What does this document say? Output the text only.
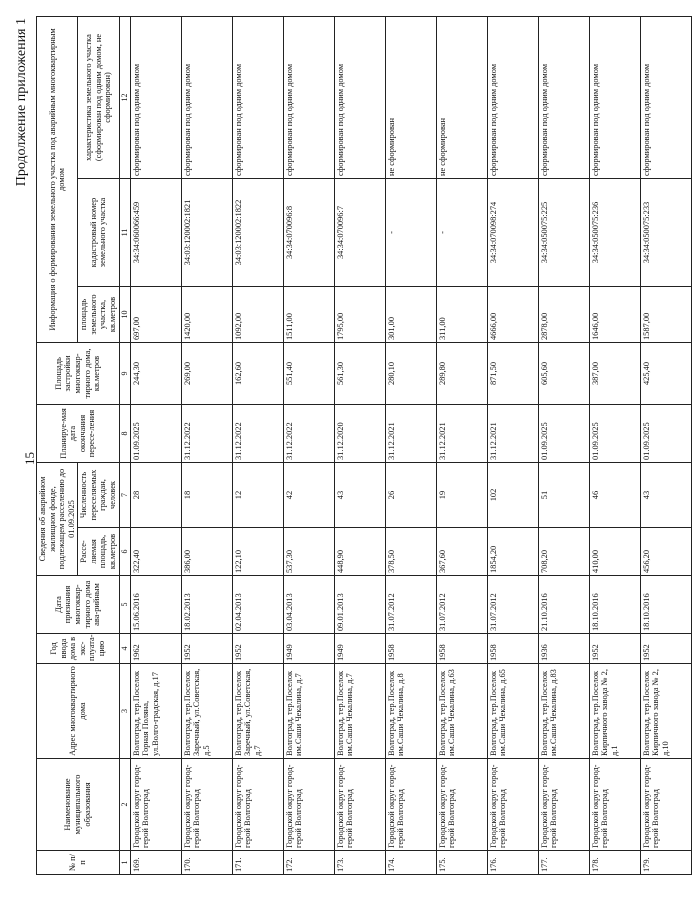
15
Продолжение приложения 1
№ п/п	Наименование муниципального образования	Адрес многоквартирного дома	Год ввода дома в экс-плуата-цию	Дата признания многоквар-тирного дома ава-рийным	Сведения об аварийном жилищном фонде, подлежащем расселению до 01.09.2025		Планируе-мая дата окончания пересе-ления	Площадь застройки многоквар-тирного дома, кв.метров	Информация о формировании земельного участка под аварийным многоквартирным домом		
					Рассе-ляемая площадь, кв.метров	Численность переселяемых граждан, человек			площадь земельного участка, кв.метров	кадастровый номер земельного участка	характеристика земельного участка (сформирован под одним домом, не сформирован)
1	2	3	4	5	6	7	8	9	10	11	12
169.	Городской округ город-герой Волгоград	Волгоград, тер.Поселок Горная Поляна, ул.Волго-градская, д.17	1962	15.06.2016	322,40	28	01.09.2025	244,30	697,00	34:34:060066:459	сформирован под одним домом
170.	Городской округ город-герой Волгоград	Волгоград, тер.Поселок Заречный, ул.Советская, д.5	1952	18.02.2013	386,00	18	31.12.2022	269,00	1420,00	34:03:120002:1821	сформирован под одним домом
171.	Городской округ город-герой Волгоград	Волгоград, тер.Поселок Заречный, ул.Советская, д.7	1952	02.04.2013	122,10	12	31.12.2022	162,60	1092,00	34:03:120002:1822	сформирован под одним домом
172.	Городской округ город-герой Волгоград	Волгоград, тер.Поселок им.Саши Чекалина, д.7	1949	03.04.2013	537,30	42	31.12.2022	551,40	1511,00	34:34:070096:8	сформирован под одним домом
173.	Городской округ город-герой Волгоград	Волгоград, тер.Поселок им.Саши Чекалина, д.7	1949	09.01.2013	448,90	43	31.12.2020	561,30	1795,00	34:34:070096:7	сформирован под одним домом
174.	Городской округ город-герой Волгоград	Волгоград, тер.Поселок им.Саши Чекалина, д.8	1958	31.07.2012	378,50	26	31.12.2021	280,10	301,00	-	не сформирован
175.	Городской округ город-герой Волгоград	Волгоград, тер.Поселок им.Саши Чекалина, д.63	1958	31.07.2012	367,60	19	31.12.2021	289,80	311,00	-	не сформирован
176.	Городской округ город-герой Волгоград	Волгоград, тер.Поселок им.Саши Чекалина, д.65	1958	31.07.2012	1854,20	102	31.12.2021	871,50	4666,00	34:34:070098:274	сформирован под одним домом
177.	Городской округ город-герой Волгоград	Волгоград, тер.Поселок им.Саши Чекалина, д.83	1936	21.10.2016	708,20	51	01.09.2025	605,60	2878,00	34:34:050075:225	сформирован под одним домом
178.	Городской округ город-герой Волгоград	Волгоград, тер.Поселок Кирпичного завода № 2, д.1	1952	18.10.2016	410,00	46	01.09.2025	387,00	1646,00	34:34:050075:236	сформирован под одним домом
179.	Городской округ город-герой Волгоград	Волгоград, тер.Поселок Кирпичного завода № 2, д.10	1952	18.10.2016	456,20	43	01.09.2025	425,40	1587,00	34:34:050075:233	сформирован под одним домом
